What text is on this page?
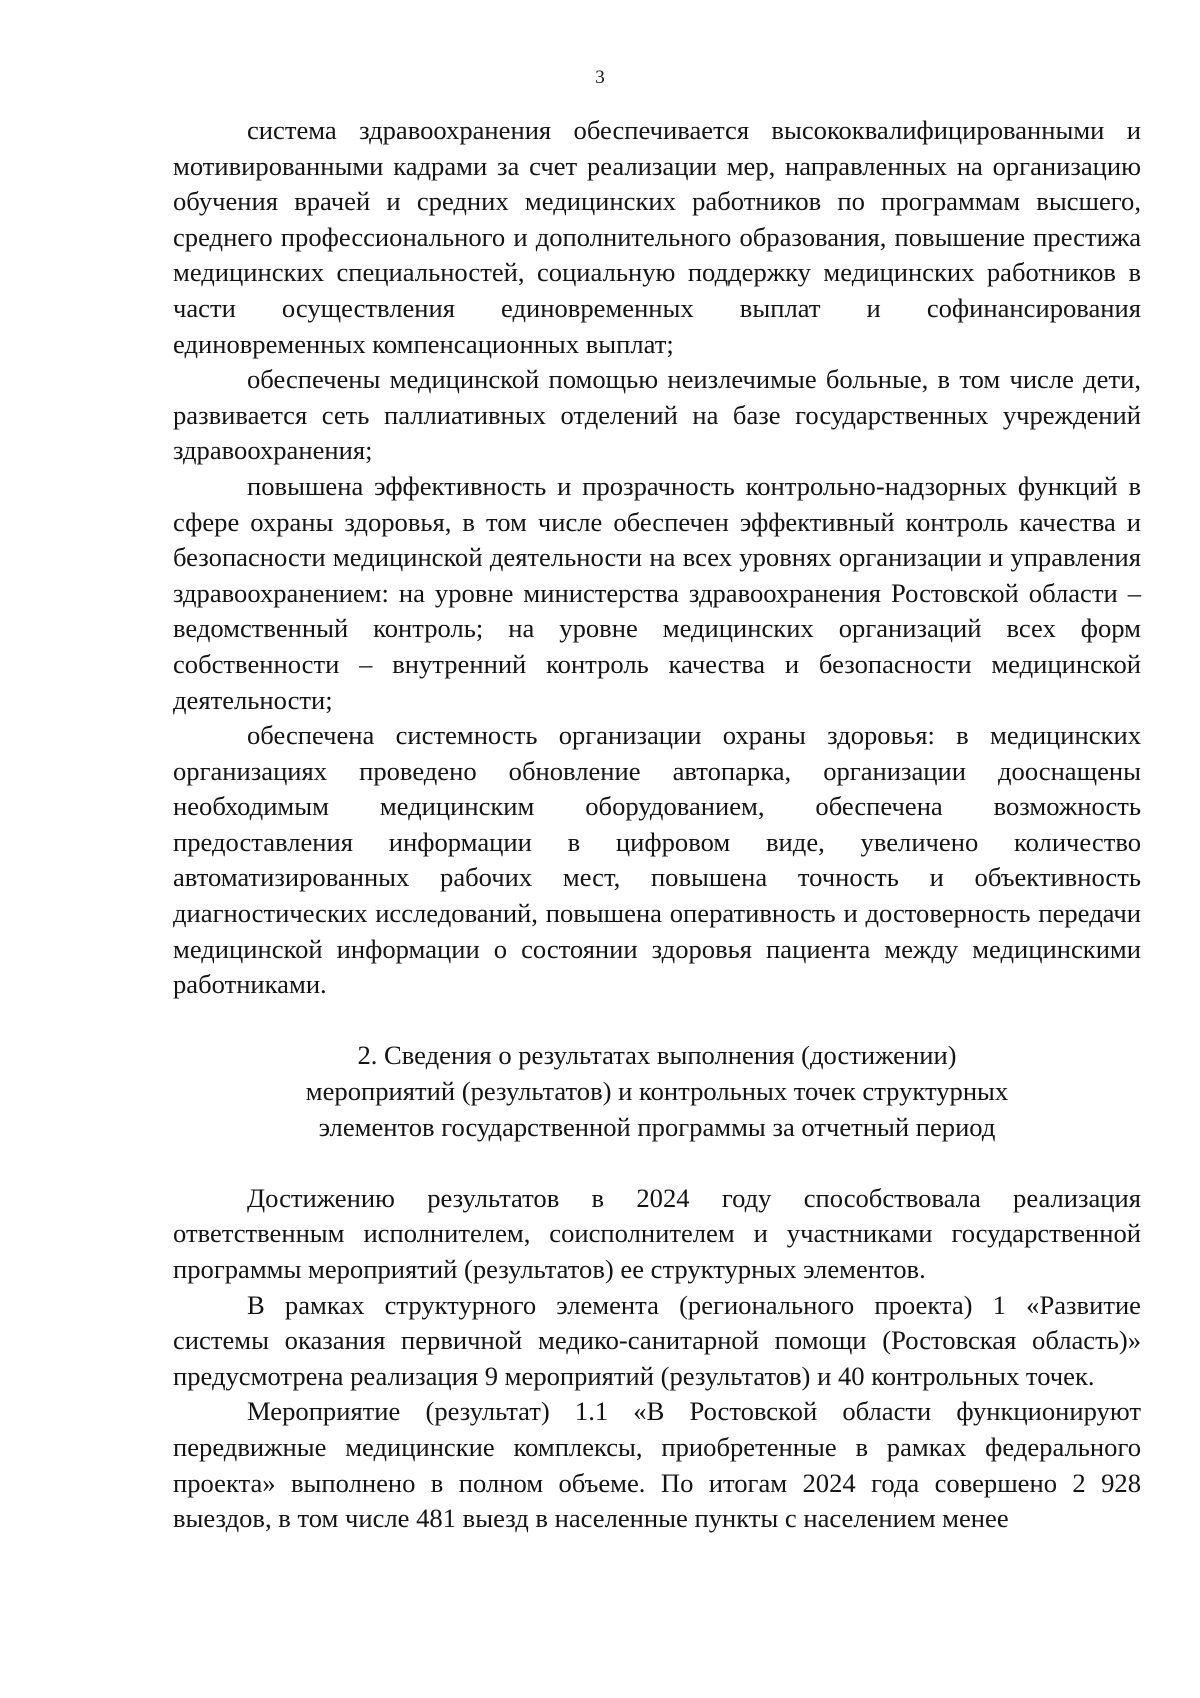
3

система здравоохранения обеспечивается высококвалифицированными и мотивированными кадрами за счет реализации мер, направленных на организацию обучения врачей и средних медицинских работников по программам высшего, среднего профессионального и дополнительного образования, повышение престижа медицинских специальностей, социальную поддержку медицинских работников в части осуществления единовременных выплат и софинансирования единовременных компенсационных выплат;

обеспечены медицинской помощью неизлечимые больные, в том числе дети, развивается сеть паллиативных отделений на базе государственных учреждений здравоохранения;

повышена эффективность и прозрачность контрольно-надзорных функций в сфере охраны здоровья, в том числе обеспечен эффективный контроль качества и безопасности медицинской деятельности на всех уровнях организации и управления здравоохранением: на уровне министерства здравоохранения Ростовской области – ведомственный контроль; на уровне медицинских организаций всех форм собственности – внутренний контроль качества и безопасности медицинской деятельности;

обеспечена системность организации охраны здоровья: в медицинских организациях проведено обновление автопарка, организации дооснащены необходимым медицинским оборудованием, обеспечена возможность предоставления информации в цифровом виде, увеличено количество автоматизированных рабочих мест, повышена точность и объективность диагностических исследований, повышена оперативность и достоверность передачи медицинской информации о состоянии здоровья пациента между медицинскими работниками.

2. Сведения о результатах выполнения (достижении)
мероприятий (результатов) и контрольных точек структурных
элементов государственной программы за отчетный период

Достижению результатов в 2024 году способствовала реализация ответственным исполнителем, соисполнителем и участниками государственной программы мероприятий (результатов) ее структурных элементов.

В рамках структурного элемента (регионального проекта) 1 «Развитие системы оказания первичной медико-санитарной помощи (Ростовская область)» предусмотрена реализация 9 мероприятий (результатов) и 40 контрольных точек.

Мероприятие (результат) 1.1 «В Ростовской области функционируют передвижные медицинские комплексы, приобретенные в рамках федерального проекта» выполнено в полном объеме. По итогам 2024 года совершено 2 928 выездов, в том числе 481 выезд в населенные пункты с населением менее
